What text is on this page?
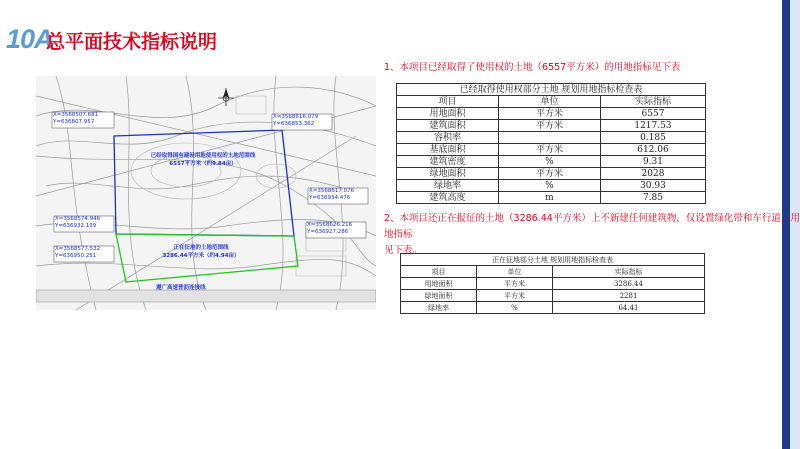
10A
总平面技术指标说明
X=3568507.681
Y=636807.957
X=3568616.079
Y=636853.362
X=3568574.946
Y=636932.139
X=3568577.532
Y=636950.251
X=3568617.076
Y=636934.476
X=3568626.216
Y=636927.286
已经取得国有建设用地使用权的土地范围线
6557平方米（约9.84亩）
正在征地的土地范围线
3286.44平方米（约4.94亩）
遵广高速普沥连接线
1、本项目已经取得了使用权的土地（6557平方米）的用地指标见下表
已经取得使用权部分土地 规划用地指标检查表		
项目	单位	实际指标
用地面积	平方米	6557
建筑面积	平方米	1217.53
容积率		0.185
基底面积	平方米	612.06
建筑密度	%	9.31
绿地面积	平方米	2028
绿地率	%	30.93
建筑高度	m	7.85
2、本项目还正在报征的土地（3286.44平方米）上不新建任何建筑物，仅设置绿化带和车行道，用地指标
见下表。
正在征地部分土地 规划用地指标检查表		
项目	单位	实际指标
用地面积	平方米	3286.44
绿地面积	平方米	2281
绿地率	%	64.41
